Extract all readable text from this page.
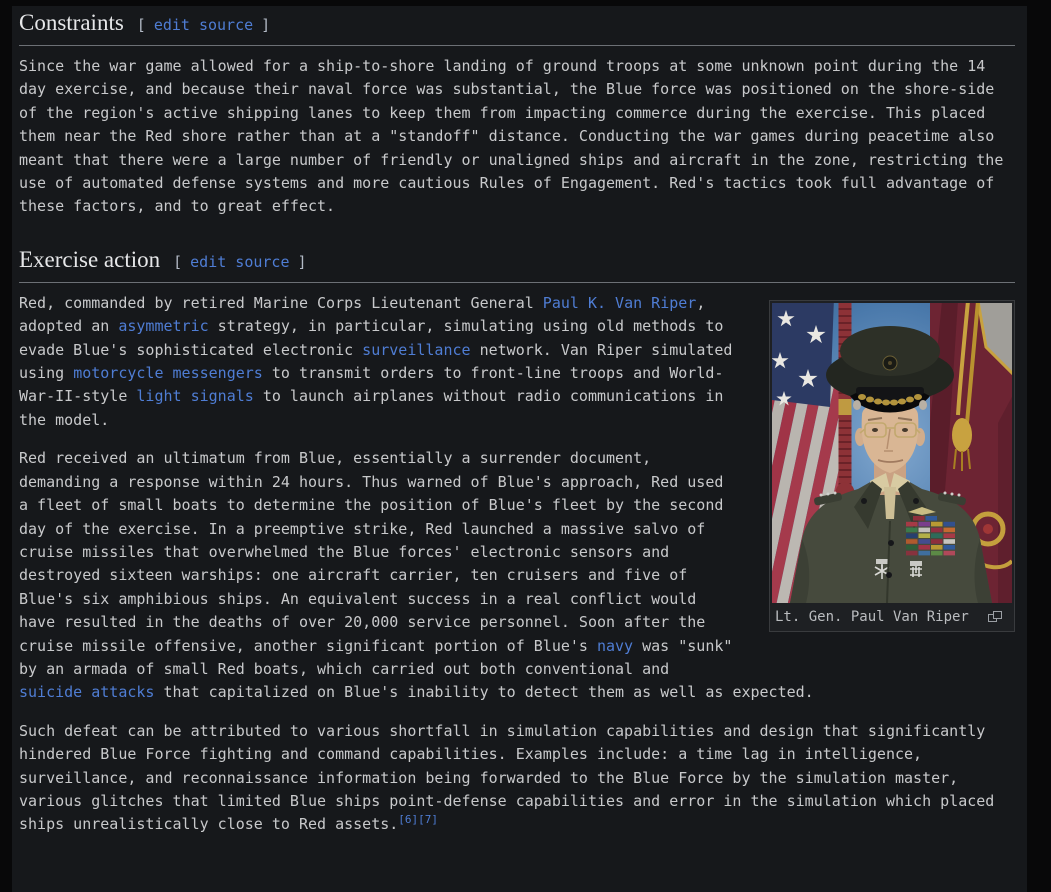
Constraints [ edit source ]

Since the war game allowed for a ship-to-shore landing of ground troops at some unknown point during the 14 day exercise, and because their naval force was substantial, the Blue force was positioned on the shore-side of the region's active shipping lanes to keep them from impacting commerce during the exercise. This placed them near the Red shore rather than at a "standoff" distance. Conducting the war games during peacetime also meant that there were a large number of friendly or unaligned ships and aircraft in the zone, restricting the use of automated defense systems and more cautious Rules of Engagement. Red's tactics took full advantage of these factors, and to great effect.

Exercise action [ edit source ]
Lt. Gen. Paul Van Riper

Red, commanded by retired Marine Corps Lieutenant General Paul K. Van Riper, adopted an asymmetric strategy, in particular, simulating using old methods to evade Blue's sophisticated electronic surveillance network. Van Riper simulated using motorcycle messengers to transmit orders to front-line troops and World-War-II-style light signals to launch airplanes without radio communications in the model.

Red received an ultimatum from Blue, essentially a surrender document, demanding a response within 24 hours. Thus warned of Blue's approach, Red used a fleet of small boats to determine the position of Blue's fleet by the second day of the exercise. In a preemptive strike, Red launched a massive salvo of cruise missiles that overwhelmed the Blue forces' electronic sensors and destroyed sixteen warships: one aircraft carrier, ten cruisers and five of Blue's six amphibious ships. An equivalent success in a real conflict would have resulted in the deaths of over 20,000 service personnel. Soon after the cruise missile offensive, another significant portion of Blue's navy was "sunk" by an armada of small Red boats, which carried out both conventional and suicide attacks that capitalized on Blue's inability to detect them as well as expected.

Such defeat can be attributed to various shortfall in simulation capabilities and design that significantly hindered Blue Force fighting and command capabilities. Examples include: a time lag in intelligence, surveillance, and reconnaissance information being forwarded to the Blue Force by the simulation master, various glitches that limited Blue ships point-defense capabilities and error in the simulation which placed ships unrealistically close to Red assets.[6][7]
